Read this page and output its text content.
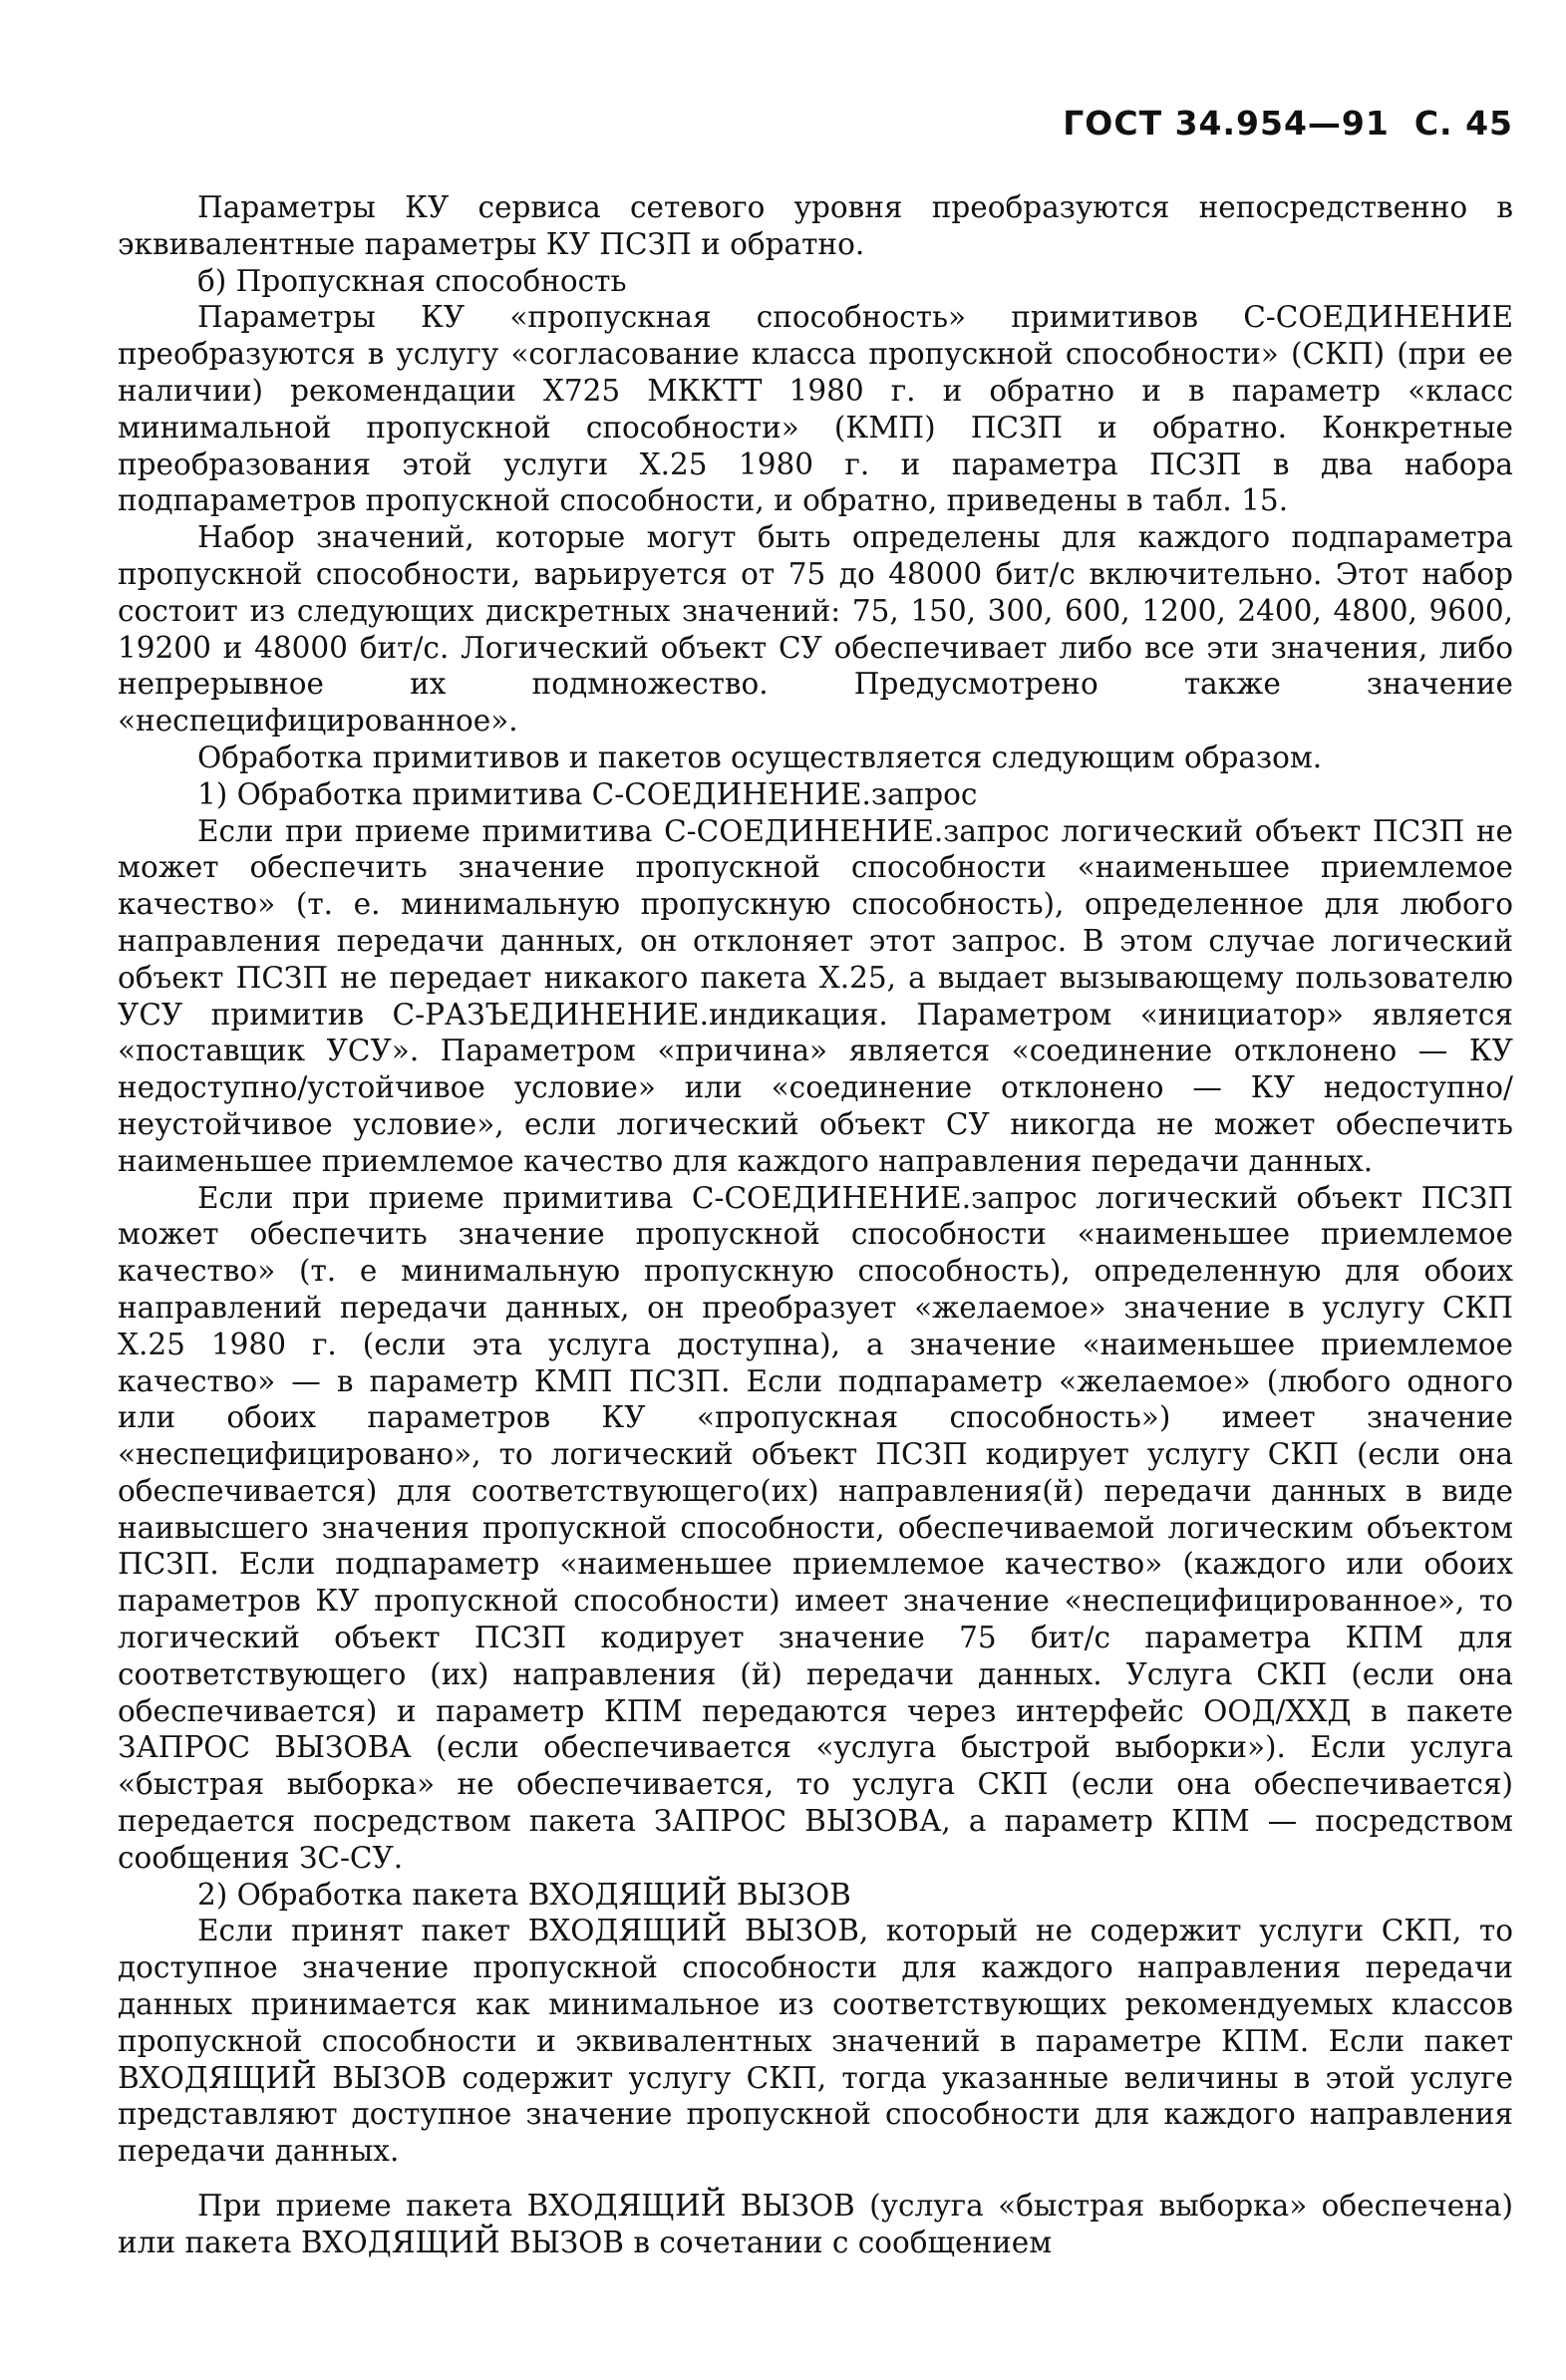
ГОСТ 34.954—91 С. 45

Параметры КУ сервиса сетевого уровня преобразуются непосредственно в эквивалентные параметры КУ ПСЗП и обратно.

б) Пропускная способность

Параметры КУ «пропускная способность» примитивов С-СОЕДИНЕНИЕ преобразуются в услугу «согласование класса пропускной способности» (СКП) (при ее наличии) рекомендации Х725 МККТТ 1980 г. и обратно и в параметр «класс минимальной пропускной способности» (КМП) ПСЗП и обратно. Конкретные преобразования этой услуги Х.25 1980 г. и параметра ПСЗП в два набора подпараметров пропускной способности, и обратно, приведены в табл. 15.

Набор значений, которые могут быть определены для каждого подпараметра пропускной способности, варьируется от 75 до 48000 бит/с включительно. Этот набор состоит из следующих дискретных значений: 75, 150, 300, 600, 1200, 2400, 4800, 9600, 19200 и 48000 бит/с. Логический объект СУ обеспечивает либо все эти значения, либо непрерывное их подмножество. Предусмотрено также значение «неспецифицированное».

Обработка примитивов и пакетов осуществляется следующим образом.

1) Обработка примитива С-СОЕДИНЕНИЕ.запрос

Если при приеме примитива С-СОЕДИНЕНИЕ.запрос логический объект ПСЗП не может обеспечить значение пропускной способности «наименьшее приемлемое качество» (т. е. минимальную пропускную способность), определенное для любого направления передачи данных, он отклоняет этот запрос. В этом случае логический объект ПСЗП не передает никакого пакета Х.25, а выдает вызывающему пользователю УСУ примитив С-РАЗЪЕДИНЕНИЕ.индикация. Параметром «инициатор» является «поставщик УСУ». Параметром «причина» является «соединение отклонено — КУ недоступно/устойчивое условие» или «соединение отклонено — КУ недоступно/неустойчивое условие», если логический объект СУ никогда не может обеспечить наименьшее приемлемое качество для каждого направления передачи данных.

Если при приеме примитива С-СОЕДИНЕНИЕ.запрос логический объект ПСЗП может обеспечить значение пропускной способности «наименьшее приемлемое качество» (т. е минимальную пропускную способность), определенную для обоих направлений передачи данных, он преобразует «желаемое» значение в услугу СКП Х.25 1980 г. (если эта услуга доступна), а значение «наименьшее приемлемое качество» — в параметр КМП ПСЗП. Если подпараметр «желаемое» (любого одного или обоих параметров КУ «пропускная способность») имеет значение «неспецифицировано», то логический объект ПСЗП кодирует услугу СКП (если она обеспечивается) для соответствующего(их) направления(й) передачи данных в виде наивысшего значения пропускной способности, обеспечиваемой логическим объектом ПСЗП. Если подпараметр «наименьшее приемлемое качество» (каждого или обоих параметров КУ пропускной способности) имеет значение «неспецифицированное», то логический объект ПСЗП кодирует значение 75 бит/с параметра КПМ для соответствующего (их) направления (й) передачи данных. Услуга СКП (если она обеспечивается) и параметр КПМ передаются через интерфейс ООД/ХХД в пакете ЗАПРОС ВЫЗОВА (если обеспечивается «услуга быстрой выборки»). Если услуга «быстрая выборка» не обеспечивается, то услуга СКП (если она обеспечивается) передается посредством пакета ЗАПРОС ВЫЗОВА, а параметр КПМ — посредством сообщения ЗС-СУ.

2) Обработка пакета ВХОДЯЩИЙ ВЫЗОВ

Если принят пакет ВХОДЯЩИЙ ВЫЗОВ, который не содержит услуги СКП, то доступное значение пропускной способности для каждого направления передачи данных принимается как минимальное из соответствующих рекомендуемых классов пропускной способности и эквивалентных значений в параметре КПМ. Если пакет ВХОДЯЩИЙ ВЫЗОВ содержит услугу СКП, тогда указанные величины в этой услуге представляют доступное значение пропускной способности для каждого направления передачи данных.

При приеме пакета ВХОДЯЩИЙ ВЫЗОВ (услуга «быстрая выборка» обеспечена) или пакета ВХОДЯЩИЙ ВЫЗОВ в сочетании с сообщением
